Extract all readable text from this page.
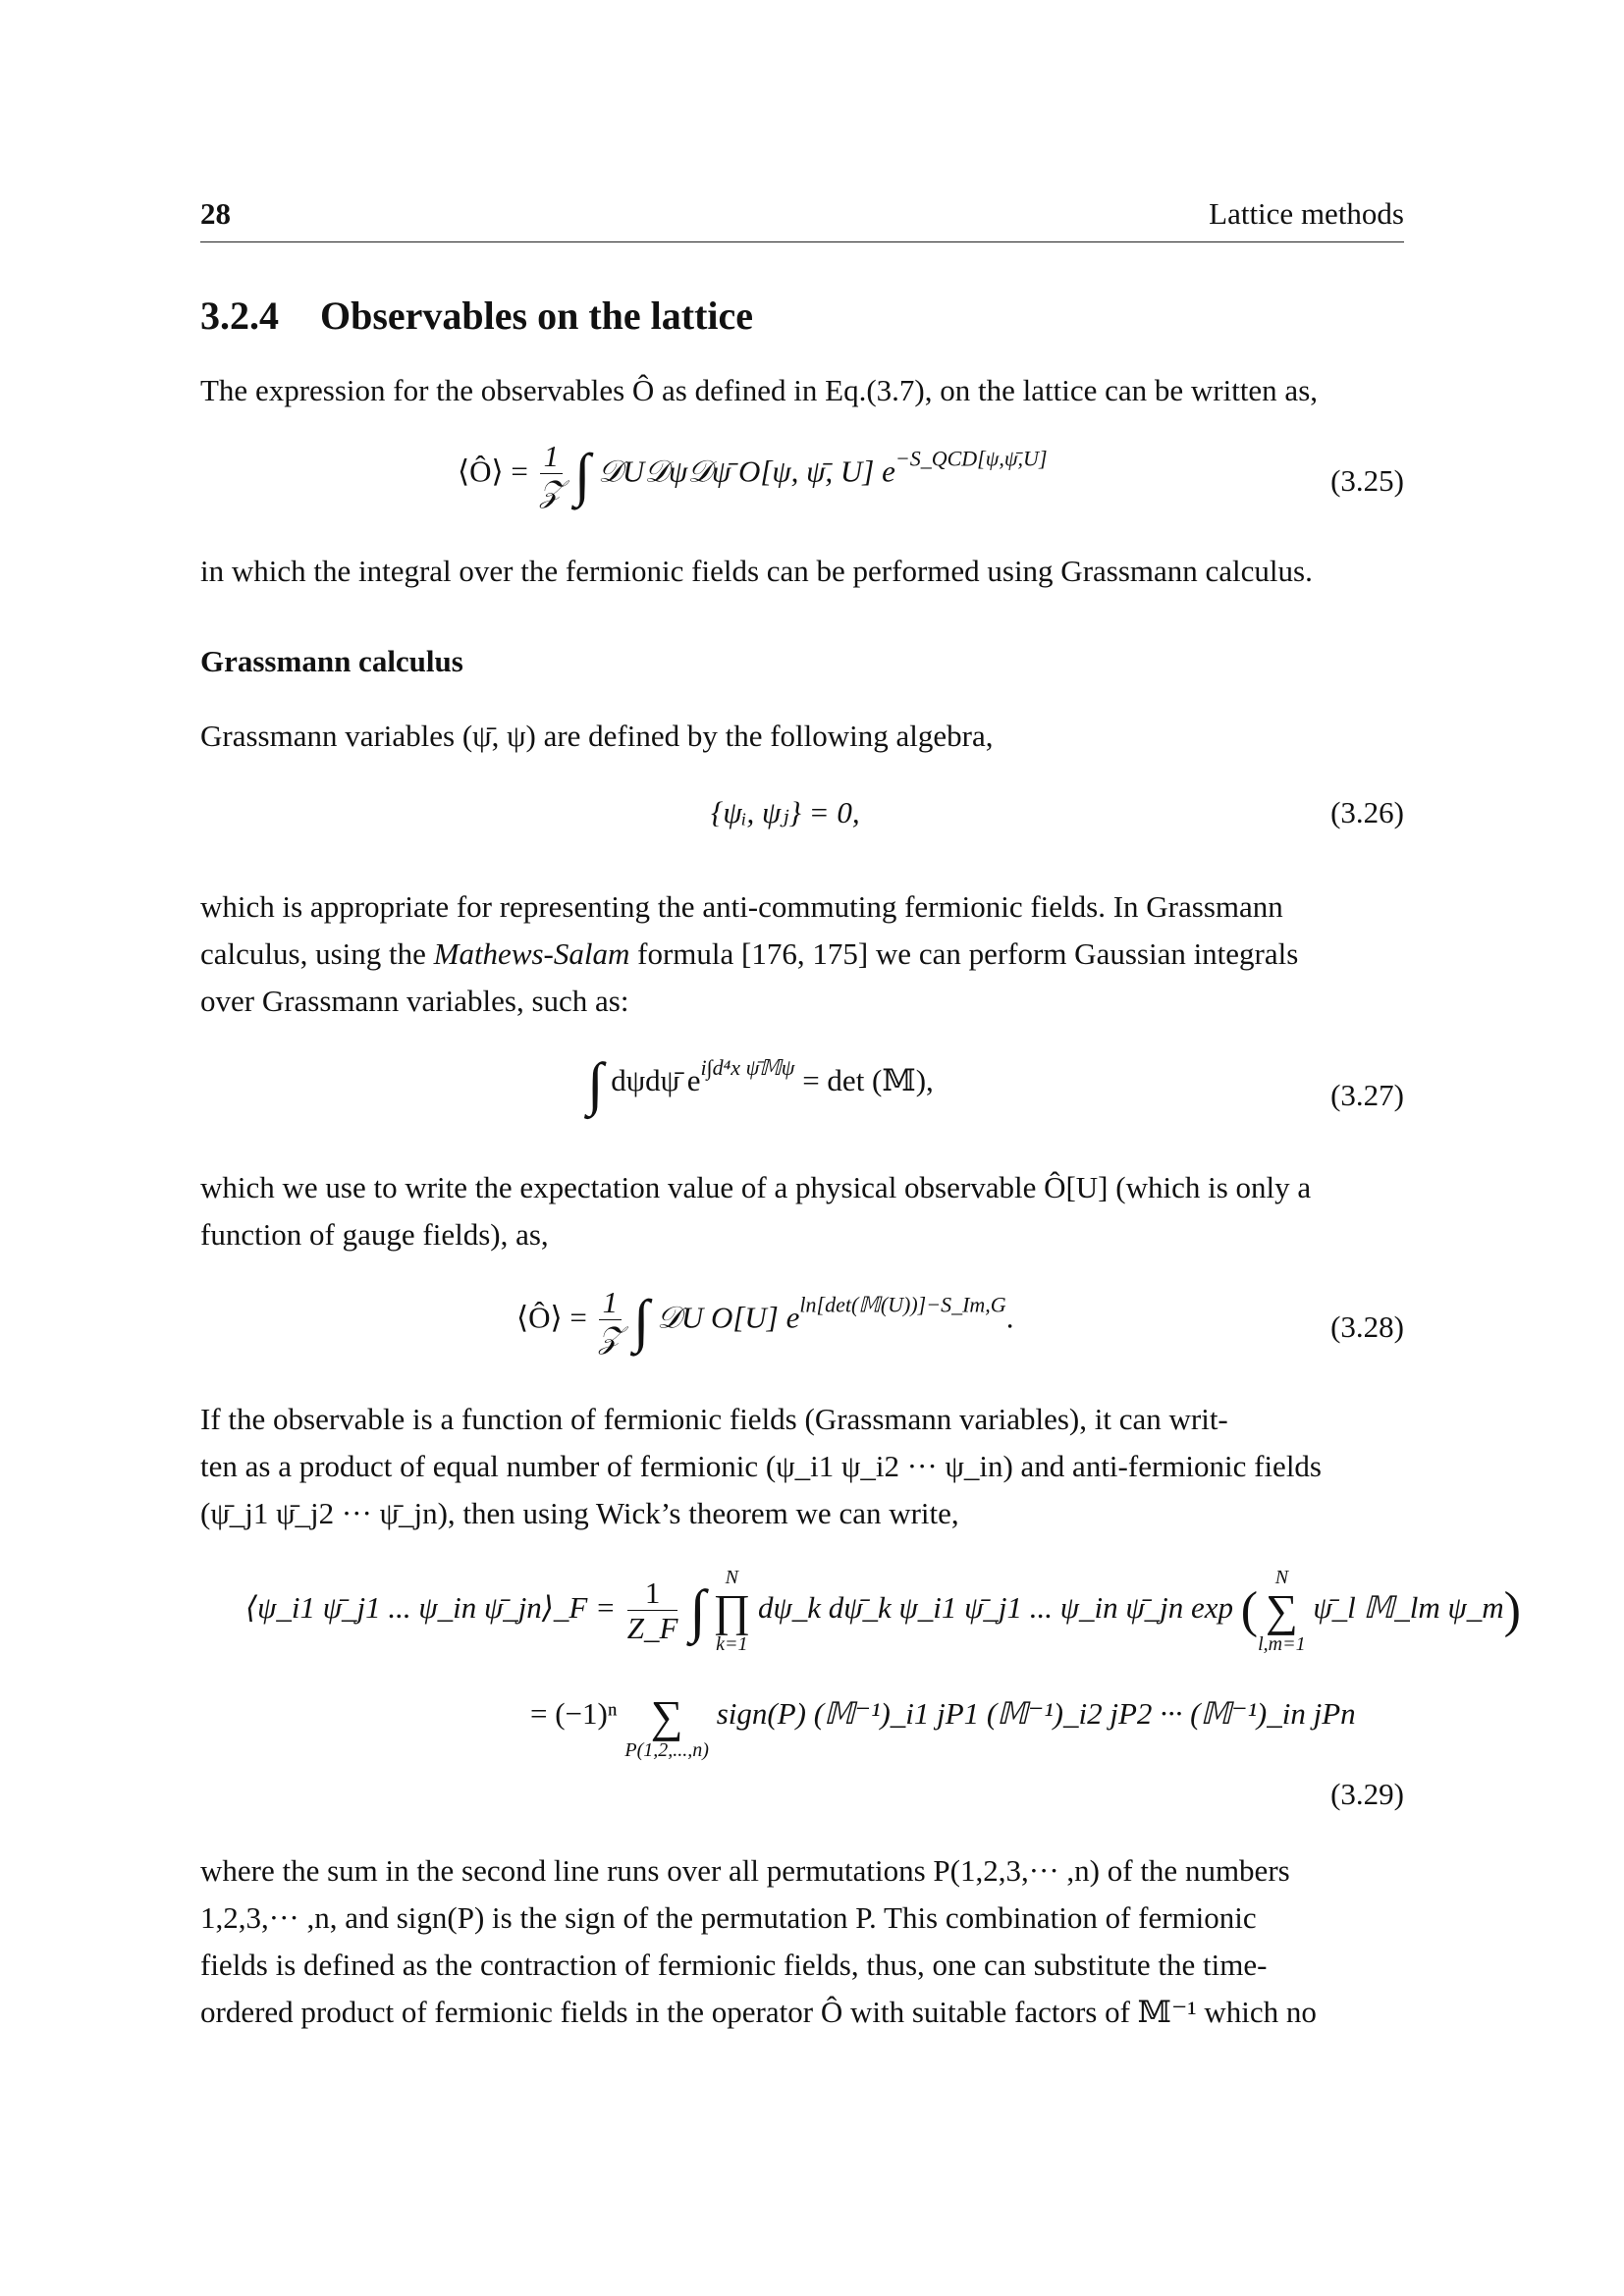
28	Lattice methods
3.2.4 Observables on the lattice
The expression for the observables Ô as defined in Eq.(3.7), on the lattice can be written as,
⟨Ô⟩ = $\frac{1}{\text{𝒵}}$ ∫ 𝒟U𝒟ψ𝒟ψ̄ O[ψ, ψ̄, U] $e^{-S\_QCD[\psi,\psī,U]}$
(3.25)
in which the integral over the fermionic fields can be performed using Grassmann calculus.
Grassmann calculus
Grassmann variables (ψ̄, ψ) are defined by the following algebra,
{ψᵢ, ψⱼ} = 0,	(3.26)
which is appropriate for representing the anti-commuting fermionic fields. In Grassmann
calculus, using the Mathews-Salam formula [176, 175] we can perform Gaussian integrals
over Grassmann variables, such as:
∫ dψdψ̄ $e^{i\int d^4x \psī𝕄\psi} = \det$ (𝕄),	(3.27)
which we use to write the expectation value of a physical observable Ô[U] (which is only a
function of gauge fields), as,
⟨Ô⟩ = $\frac{1}{\text{𝒵}}$ ∫ 𝒟U O[U] $e^{ln[det(𝕄(U))]-S\_Im,G}$.	(3.28)
If the observable is a function of fermionic fields (Grassmann variables), it can writ-
ten as a product of equal number of fermionic (ψ_i1 ψ_i2 ··· ψ_in) and anti-fermionic fields
(ψ̄_j1 ψ̄_j2 ··· ψ̄_jn), then using Wick’s theorem we can write,
⟨ψ_i1 ψ̄_j1 ... ψ_in ψ̄_jn⟩_F = $\frac{1}{Z\_F}$ ∫
N
∏
k=1
dψ_k dψ̄_k ψ_i1 ψ̄_j1 ... ψ_in ψ̄_jn exp (
N
∑
l,m=1
ψ̄_l 𝕄_lm ψ_m)
= (−1)ⁿ
∑
P(1,2,...,n)
sign(P) (𝕄⁻¹)_i1 jP1 (𝕄⁻¹)_i2 jP2 ··· (𝕄⁻¹)_in jPn
(3.29)
where the sum in the second line runs over all permutations P(1,2,3,··· ,n) of the numbers
1,2,3,··· ,n, and sign(P) is the sign of the permutation P. This combination of fermionic
fields is defined as the contraction of fermionic fields, thus, one can substitute the time-
ordered product of fermionic fields in the operator Ô with suitable factors of 𝕄⁻¹ which no
